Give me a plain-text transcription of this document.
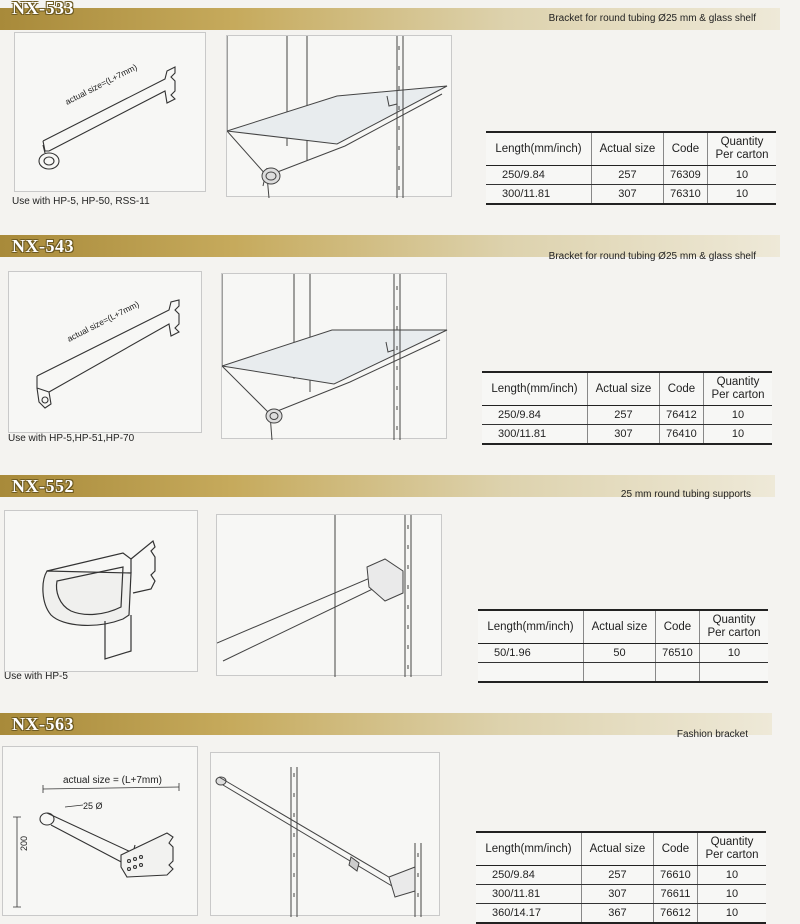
NX-533
Bracket for round tubing Ø25 mm & glass shelf
actual size=(L+7mm)
Use with HP-5, HP-50, RSS-11
Length(mm/inch)	Actual size	Code	Quantity
Per carton
250/9.84	257	76309	10
300/11.81	307	76310	10
NX-543
Bracket for round tubing Ø25 mm & glass shelf
actual size=(L+7mm)
Use with HP-5,HP-51,HP-70
Length(mm/inch)	Actual size	Code	Quantity
Per carton
250/9.84	257	76412	10
300/11.81	307	76410	10
NX-552	25 mm round tubing supports
Use with HP-5
Length(mm/inch)	Actual size	Code	Quantity
Per carton
50/1.96	50	76510	10

NX-563
Fashion bracket
actual size = (L+7mm)
25 Ø
200	Length(mm/inch)	Actual size	Code	Quantity
Per carton
250/9.84	257	76610	10
300/11.81	307	76611	10
360/14.17	367	76612	10
